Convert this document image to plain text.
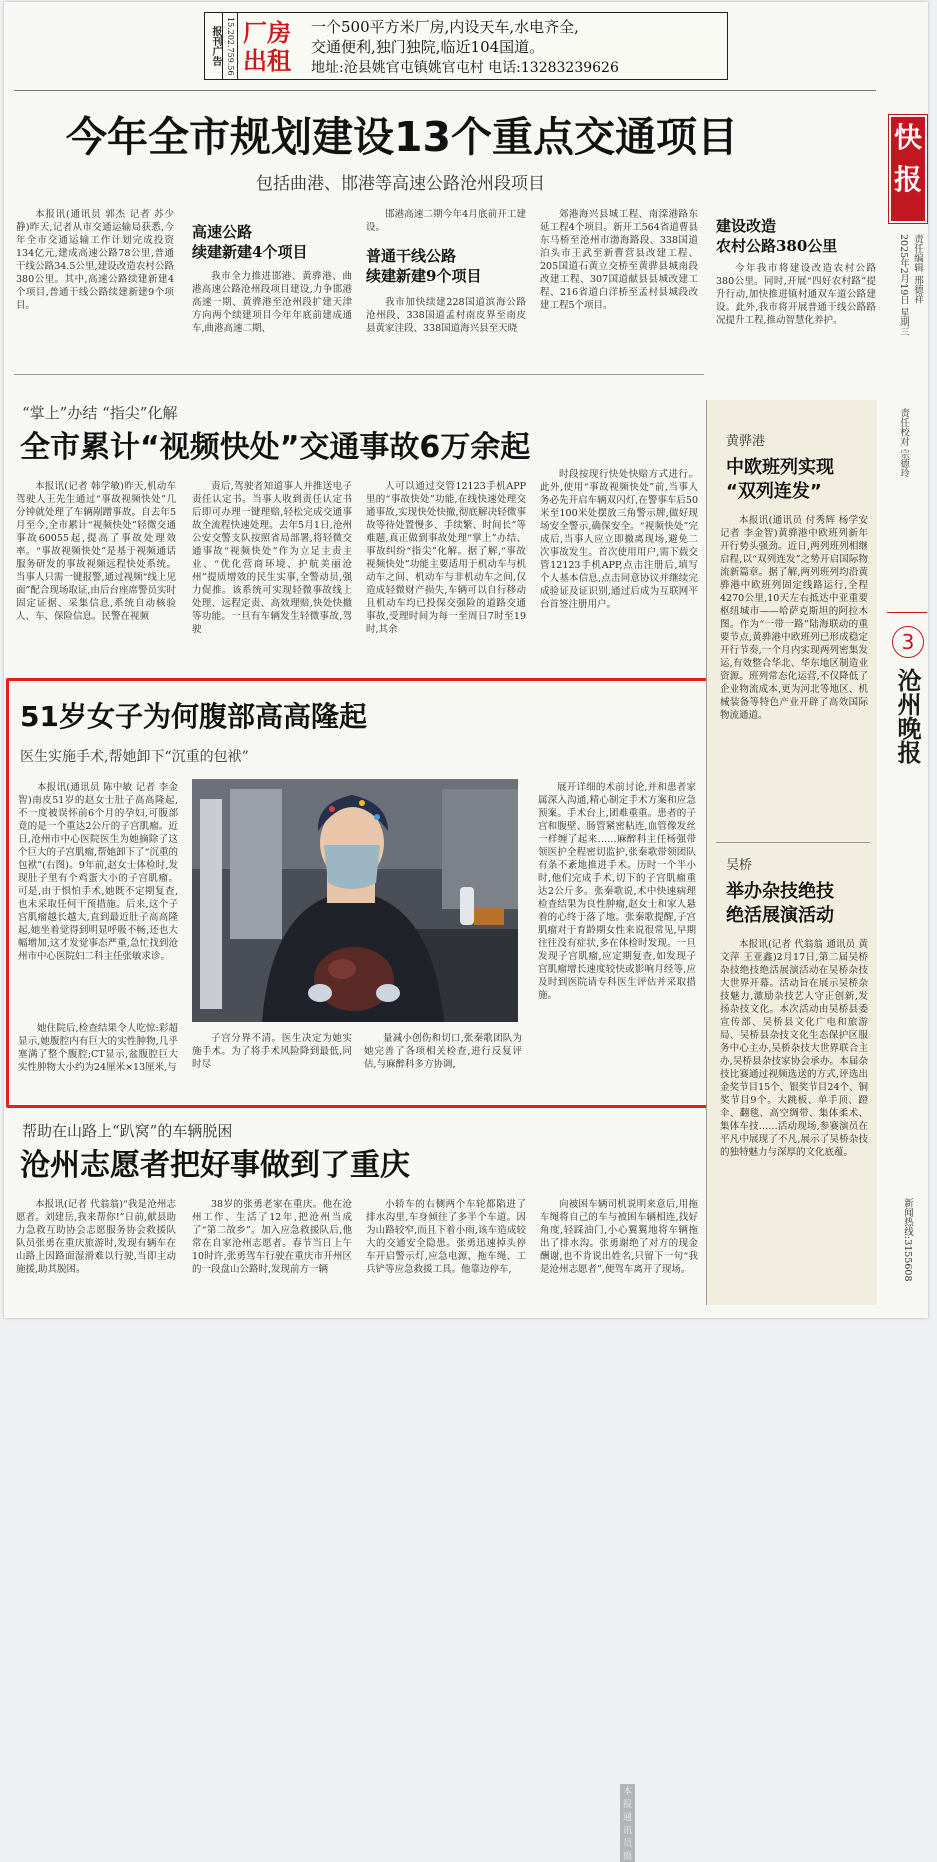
报刊广告 15.202.759.56 厂房
出租
一个500平方米厂房,内设天车,水电齐全,
交通便利,独门独院,临近104国道。
地址:沧县姚官屯镇姚官屯村 电话:13283239626
快报
2025年2月19日 星期三 责任编辑 邢德祥
责任校对 宗德玲
3
沧州晚报
新闻热线:3155608
今年全市规划建设13个重点交通项目
包括曲港、邯港等高速公路沧州段项目

本报讯(通讯员 郭杰 记者 苏少静)昨天,记者从市交通运输局获悉,今年全市交通运输工作计划完成投资134亿元,建成高速公路78公里,普通干线公路34.5公里,建设改造农村公路380公里。其中,高速公路续建新建4个项目,普通干线公路续建新建9个项目。

高速公路
续建新建4个项目

我市全力推进邯港、黄骅港、曲港高速公路沧州段项目建设,力争邯港高速一期、黄骅港至沧州段扩建天津方向两个续建项目今年年底前建成通车,曲港高速二期、

邯港高速二期今年4月底前开工建设。

普通干线公路
续建新建9个项目

我市加快续建228国道滨海公路沧州段、338国道孟村南皮界至南皮县黄家洼段、338国道海兴县至天晓

郊港海兴县城工程、南滦港路东延工程4个项目。新开工564省道曹县东马桥至沧州市渤海路段、338国道泊头市王武至新曹营县改建工程、205国道石黄立交桥至黄骅县城南段改建工程、307国道献县县城改建工程、216省道白洋桥至孟村县城段改建工程5个项目。

建设改造
农村公路380公里

今年我市将建设改造农村公路380公里。同时,开展“四好农村路”提升行动,加快推进镇村通双车道公路建设。此外,我市将开展普通干线公路路况提升工程,推动智慧化养护。

“掌上”办结 “指尖”化解
全市累计“视频快处”交通事故6万余起

本报讯(记者 韩学敏)昨天,机动车驾驶人王先生通过“事故视频快处”几分钟就处理了车辆剐蹭事故。自去年5月至今,全市累计“视频快处”轻微交通事故60055起,提高了事故处理效率。“事故视频快处”是基于视频通话服务研发的事故视频远程快处系统。当事人只需一键报警,通过视频“线上见面”配合现场取证,由后台座席警员实时固定证据、采集信息,系统自动核验人、车、保险信息。民警在视频

责后,驾驶者知道事人并推送电子责任认定书。当事人收到责任认定书后即可办理一键理赔,轻松完成交通事故全流程快速处理。去年5月1日,沧州公安交警支队按照省局部署,将轻微交通事故“视频快处”作为立足主责主业、“优化营商环境、护航美丽沧州”提质增效的民生实事,全警动员,强力促推。该系统可实现轻微事故线上处理、远程定责、高效理赔,快处快撤等功能。一旦有车辆发生轻微事故,驾驶

人可以通过交管12123手机APP里的“事故快处”功能,在线快速处理交通事故,实现快处快撤,彻底解决轻微事故等待处置慢多、手续繁、时间长”等难题,真正做到事故处理“掌上”办结、事故纠纷“指尖”化解。据了解,“事故视频快处”功能主要适用于机动车与机动车之间、机动车与非机动车之间,仅造成轻微财产损失,车辆可以自行移动且机动车均已投保交强险的道路交通事故,受理时间为每一至周日7时至19时,其余

时段按现行快处快赔方式进行。此外,使用“事故视频快处”前,当事人务必先开启车辆双闪灯,在警事车后50米至100米处摆放三角警示牌,做好现场安全警示,确保安全。“视频快处”完成后,当事人应立即撤离现场,避免二次事故发生。首次使用用户,需下载交管12123手机APP,点击注册后,填写个人基本信息,点击同意协议并继续完成验证及证识别,通过后成为互联网平台首签注册用户。

51岁女子为何腹部高高隆起
医生实施手术,帮她卸下“沉重的包袱”

本报讯(通讯员 陈中敏 记者 李金智)南皮51岁的赵女士肚子高高隆起,不一度被误怀前6个月的孕妇,可腹部竟的是一个重达2公斤的子宫肌瘤。近日,沧州市中心医院医生为她摘除了这个巨大的子宫肌瘤,帮她卸下了“沉重的包袱”(右图)。9年前,赵女士体检时,发现肚子里有个鸡蛋大小的子宫肌瘤。可是,由于惧怕手术,她既不定期复查,也未采取任何干预措施。后来,这个子宫肌瘤越长越大,直到最近肚子高高隆起,她坐着觉得到明显呼吸不畅,还也大幅增加,这才发觉事态严重,急忙找到沧州市中心医院妇二科主任张敏求诊。

她住院后,检查结果令人吃惊:彩超显示,她腹腔内有巨大的实性肿物,几乎塞满了整个腹腔;CT显示,盆腹腔巨大实性肿物大小约为24厘米×13厘米,与

子宫分界不清。医生决定为她实施手术。为了将手术风险降到最低,同时尽

量减小创伤和切口,张秦歌团队为她完善了各项相关检查,进行反复评估,与麻醉科多方协调,

展开详细的术前讨论,并和患者家属深入沟通,精心制定手术方案和应急预案。手术台上,团难重重。患者的子宫和腹壁、肠管紧密粘连,血管像发丝一样缠了起来……麻醉科主任杨强带领医护全程密切监护,张秦歌带领团队有条不紊地推进手术。历时一个半小时,他们完成手术,切下的子宫肌瘤重达2公斤多。张秦歌说,术中快速病理检查结果为良性肿瘤,赵女士和家人悬着的心终于落了地。张秦歌提醒,子宫肌瘤对于育龄期女性来说很常见,早期往往没有症状,多在体检时发现。一旦发现子宫肌瘤,应定期复查,如发现子宫肌瘤增长速度较快或影响月经等,应及时到医院请专科医生评估并采取措施。

本报通讯员 摄
帮助在山路上“趴窝”的车辆脱困
沧州志愿者把好事做到了重庆

本报讯(记者 代翁翁)“我是沧州志愿者。刘建岳,我来帮你!”日前,献县助力急救互助协会志愿服务协会救援队队员张勇在重庆旅游时,发现有辆车在山路上因路面湿滑难以行驶,当即主动施援,助其脱困。

38岁的张勇老家在重庆。他在沧州工作、生活了12年,把沧州当成了“第二故乡”。加入应急救援队后,他常在自家沧州志愿者。春节当日上午10时许,张勇驾车行驶在重庆市开州区的一段盘山公路时,发现前方一辆

小轿车的右侧两个车轮都陷进了排水沟里,车身倾往了多半个车道。因为山路较窄,而且下着小雨,该车造成较大的交通安全隐患。张勇迅速掉头停车开启警示灯,应急电源、拖车绳、工兵铲等应急救援工具。他靠边停车,

向被困车辆司机说明来意后,用拖车绳将自己的车与被困车辆相连,找好角度,轻踩油门,小心翼翼地将车辆拖出了排水沟。张勇谢绝了对方的现金酬谢,也不肯说出姓名,只留下一句“我是沧州志愿者”,便驾车离开了现场。

黄骅港
中欧班列实现
“双列连发”

本报讯(通讯员 付秀辉 杨学安 记者 李金智)黄骅港中欧班列新年开行势头强劲。近日,两列班列相继启程,以“双列连发”之势开启国际物流新篇章。据了解,两列班列均沿黄骅港中欧班列固定线路运行,全程4270公里,10天左右抵达中亚重要枢纽城市——哈萨克斯坦的阿拉木图。作为“一带一路”陆海联动的重要节点,黄骅港中欧班列已形成稳定开行节奏,一个月内实现两列密集发运,有效整合华北、华东地区制造业资源。班列常态化运营,不仅降低了企业物流成本,更为河北等地区、机械装备等特色产业开辟了高效国际物流通道。

吴桥
举办杂技绝技
绝活展演活动

本报讯(记者 代翁翁 通讯员 黄文萍 王亚鑫)2月17日,第二届吴桥杂技绝技绝活展演活动在吴桥杂技大世界开幕。活动旨在展示吴桥杂技魅力,激励杂技艺人守正创新,发扬杂技文化。本次活动由吴桥县委宣传部、吴桥县文化广电和旅游局、吴桥县杂技文化生态保护区服务中心主办,吴桥杂技大世界联合主办,吴桥县杂技家协会承办。本届杂技比赛通过视频选送的方式,评选出金奖节目15个、银奖节目24个、铜奖节目9个。大跳板、单手顶、蹬伞、翻毯、高空绸带、集体柔术、集体车技……活动现场,参赛演员在平凡中展现了不凡,展示了吴桥杂技的独特魅力与深厚的文化底蕴。
